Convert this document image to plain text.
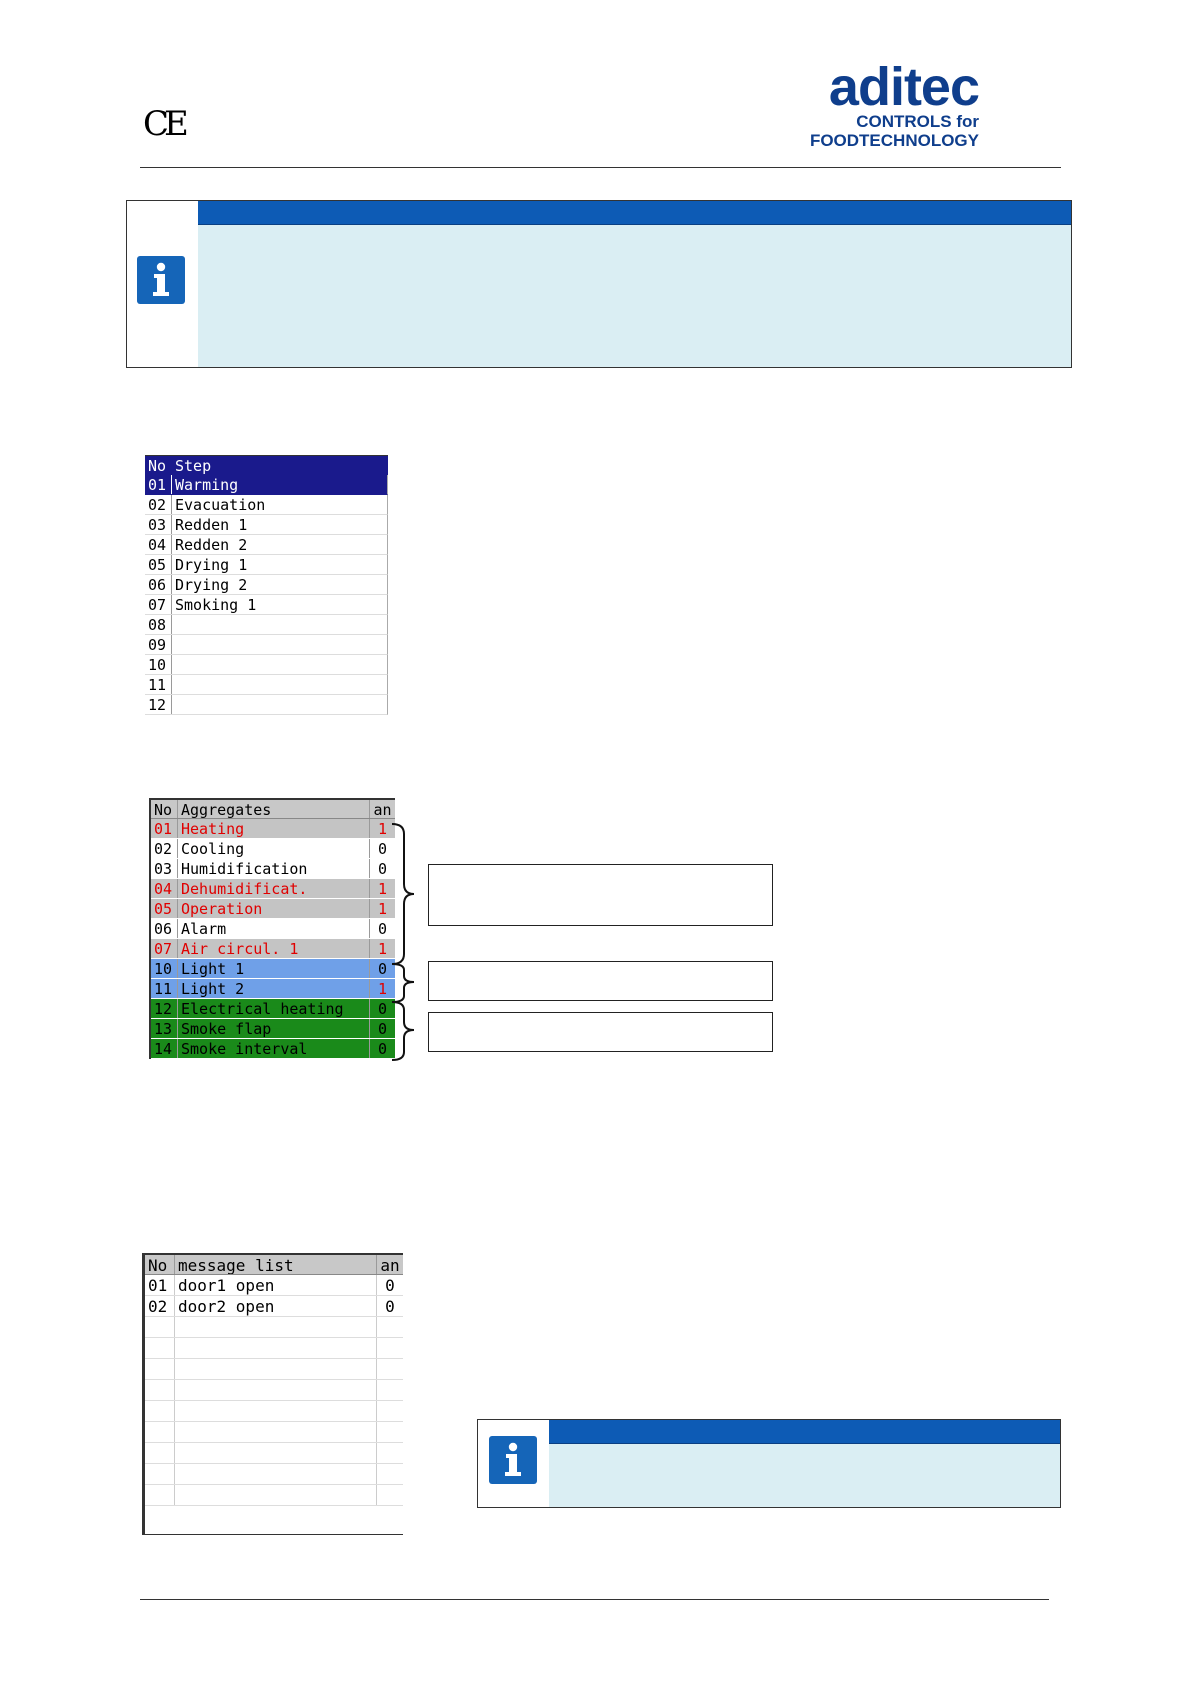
CE
aditec
CONTROLS for
FOODTECHNOLOGY
No Step
01 Warming
02 Evacuation
03 Redden 1
04 Redden 2
05 Drying 1
06 Drying 2
07 Smoking 1
08
09
10
11
12
No Aggregates	an
01 Heating	1
02 Cooling	0
03 Humidification	0
04 Dehumidificat.	1
05 Operation	1
06 Alarm	0
07 Air circul. 1	1
10 Light 1	0
11 Light 2	1
12 Electrical heating	0
13 Smoke flap	0
14 Smoke interval	0
No message list	an
01 door1 open	0
02 door2 open	0
